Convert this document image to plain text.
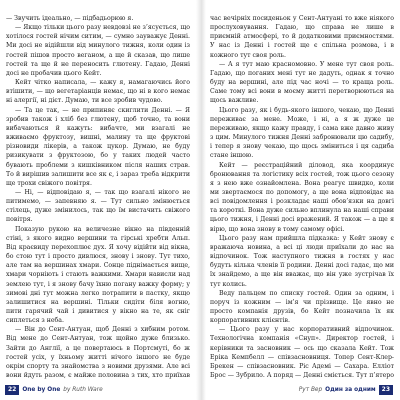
— Звучить ідеально, — підбадьорюю я.

— Якщо тільки цього разу невдовзі не з’ясується, що хотілося гостей нічим ситим, — сумно зауважує Денні. Ми досі не відійшли від минулого тижня, коли один із гостей пішов просто веганом, а ще й сказав, що лише гостей та ще й не переносить глютену. Гадаю, Денні досі не пробачив цього Кейт.

Кейт чітко написала, — кажу я, намагаючись його втішити, — що вегетаріанців немає, що ні в кого немає ні алергії, ні дієт. Думаю, ти все зробив чудово.

— Та це так, — не припиняє скиглити Денні. — Я зробив також і хліб без глютену, щоб точно, та вони вибачаються й кажуть: вибачте, ми взагалі не вживаємо фруктозу, вишні, малину та ще фруктові різновиди лікерів, а також цукор. Думаю, не буду ризикувати з фруктозою, бо у таких людей часто бувають проблеми з кишківником після наших страв. То й вирішив залишити все як є, і зараз треба відкрити ще трохи свіжого повітря.

— Ні, — відповідаю я, — так що взагалі нікого не питимемо, — запевняю я. — Тут сильно змінюється стілець, дуже змінилось, так що їм вистачить свіжого повітря.

Показую рукою на величезне вікно на південній стіні, з якого видно вершини та гірські хребти Альп. Від краєвиду перехоплює дух. Я хочу відійти від вікна, бо стою тут і просто дивлюся, знову і знову. Тут тихо, але там на вершинах хмари. Сонце піднімається вище, хмари чорніють і стають важкими. Хмари нависли над землею тут, і я знову бачу їхню погану важку форму; у зимові дні тут можна легко потрапити в пастку, якщо залишитися на вершині. Тільки сидіти біля вогню, пити гарячий чай і дивитися у вікно на те, як сніг сиплеться з неба.

— Він до Сент-Антуан, щоб Денні з хибним ротом. Від мене до Сент-Антуан, тож щойно дуже близько. Зайти до Англії, а це повертаюсь в Портсмуті, бо ж гостей усіх, у їхньому житті нічого іншого не буде окрім спорту та знайомства з новими друзями. Але всі вони йдуть разом, є майже половина з тих, хто приїхав

22 One by One by Ruth Ware

час вечірніх посиденьок у Сент-Антуані то вже ніякого прослуховування. Гадаю, що справа не лише в приємній атмосфері, то й додатковими приємностями. У нас із Денні і гостей ще є спільна розмова, і в кожного тут своя роль.

— А я тут маю красномовно. У мене тут своя роль. Гадаю, що поганих мені тут не дадуть, однак я точно буду на вершині, але під час ночі — то краща роль. Саме тому всі вони в моєму житті перетворюються на щось важливе.

Цього разу, як і будь-якого іншого, чекаю, що Денні переживає за мене. Може, і ні, а я ж дуже це переживаю, якщо кажу правду, і сама вже давно живу з цим. Минулого тижня Денні забронювали цю садибу, і тепер я знову чекаю, що щось зміниться і ця садиба стане іншою.

Кейт — реєстраційний діловод, яка координує бронювання та логістику всіх гостей, тож цього сезону я з нею вже ознайомлена. Вона реагує швидко, коли ми звертаємося по допомогу, а ще вона відповідає на всі повідомлення і розкладає наші обов’язки на довгі та короткі. Вона дуже сильно вплинула на наші справи цього тижня, і Денні досі вражений. Я також — а ще я вірю, що вона знову в тому самому офісі.

Цього разу нам прийшла підказка: у Кейт знову є вражаюча новина, а всі ці люди приїхали до нас на відпочинок. Тож наступного тижня в гостях у нас будуть кілька членів її родини. Денні досі гадає, що ми їх знайдемо, а ще він вважає, що він уже зустрічав їх тут колись.

Веду пальцем по списку гостей. Один за одним, і поруч із кожним — ім’я чи прізвище. Це явно не просто компанія друзів, бо Кейт позначила їх як корпоративних клієнтів.

— Цього разу у нас корпоративний відпочинок. Технологічна компанія «Снуп». Директор гостей, і керівники та засновник — ось що сказала Кейт. Тож Еріка Кемпбелл — співзасновниця. Топер Сент-Клер-Брекен — співзасновник. Ріс Адемі — Сахара. Елліот Брос — Зубрило. А поряд — Денні сміється. Тут п’ятеро

Рут Вер Один за одним 23
